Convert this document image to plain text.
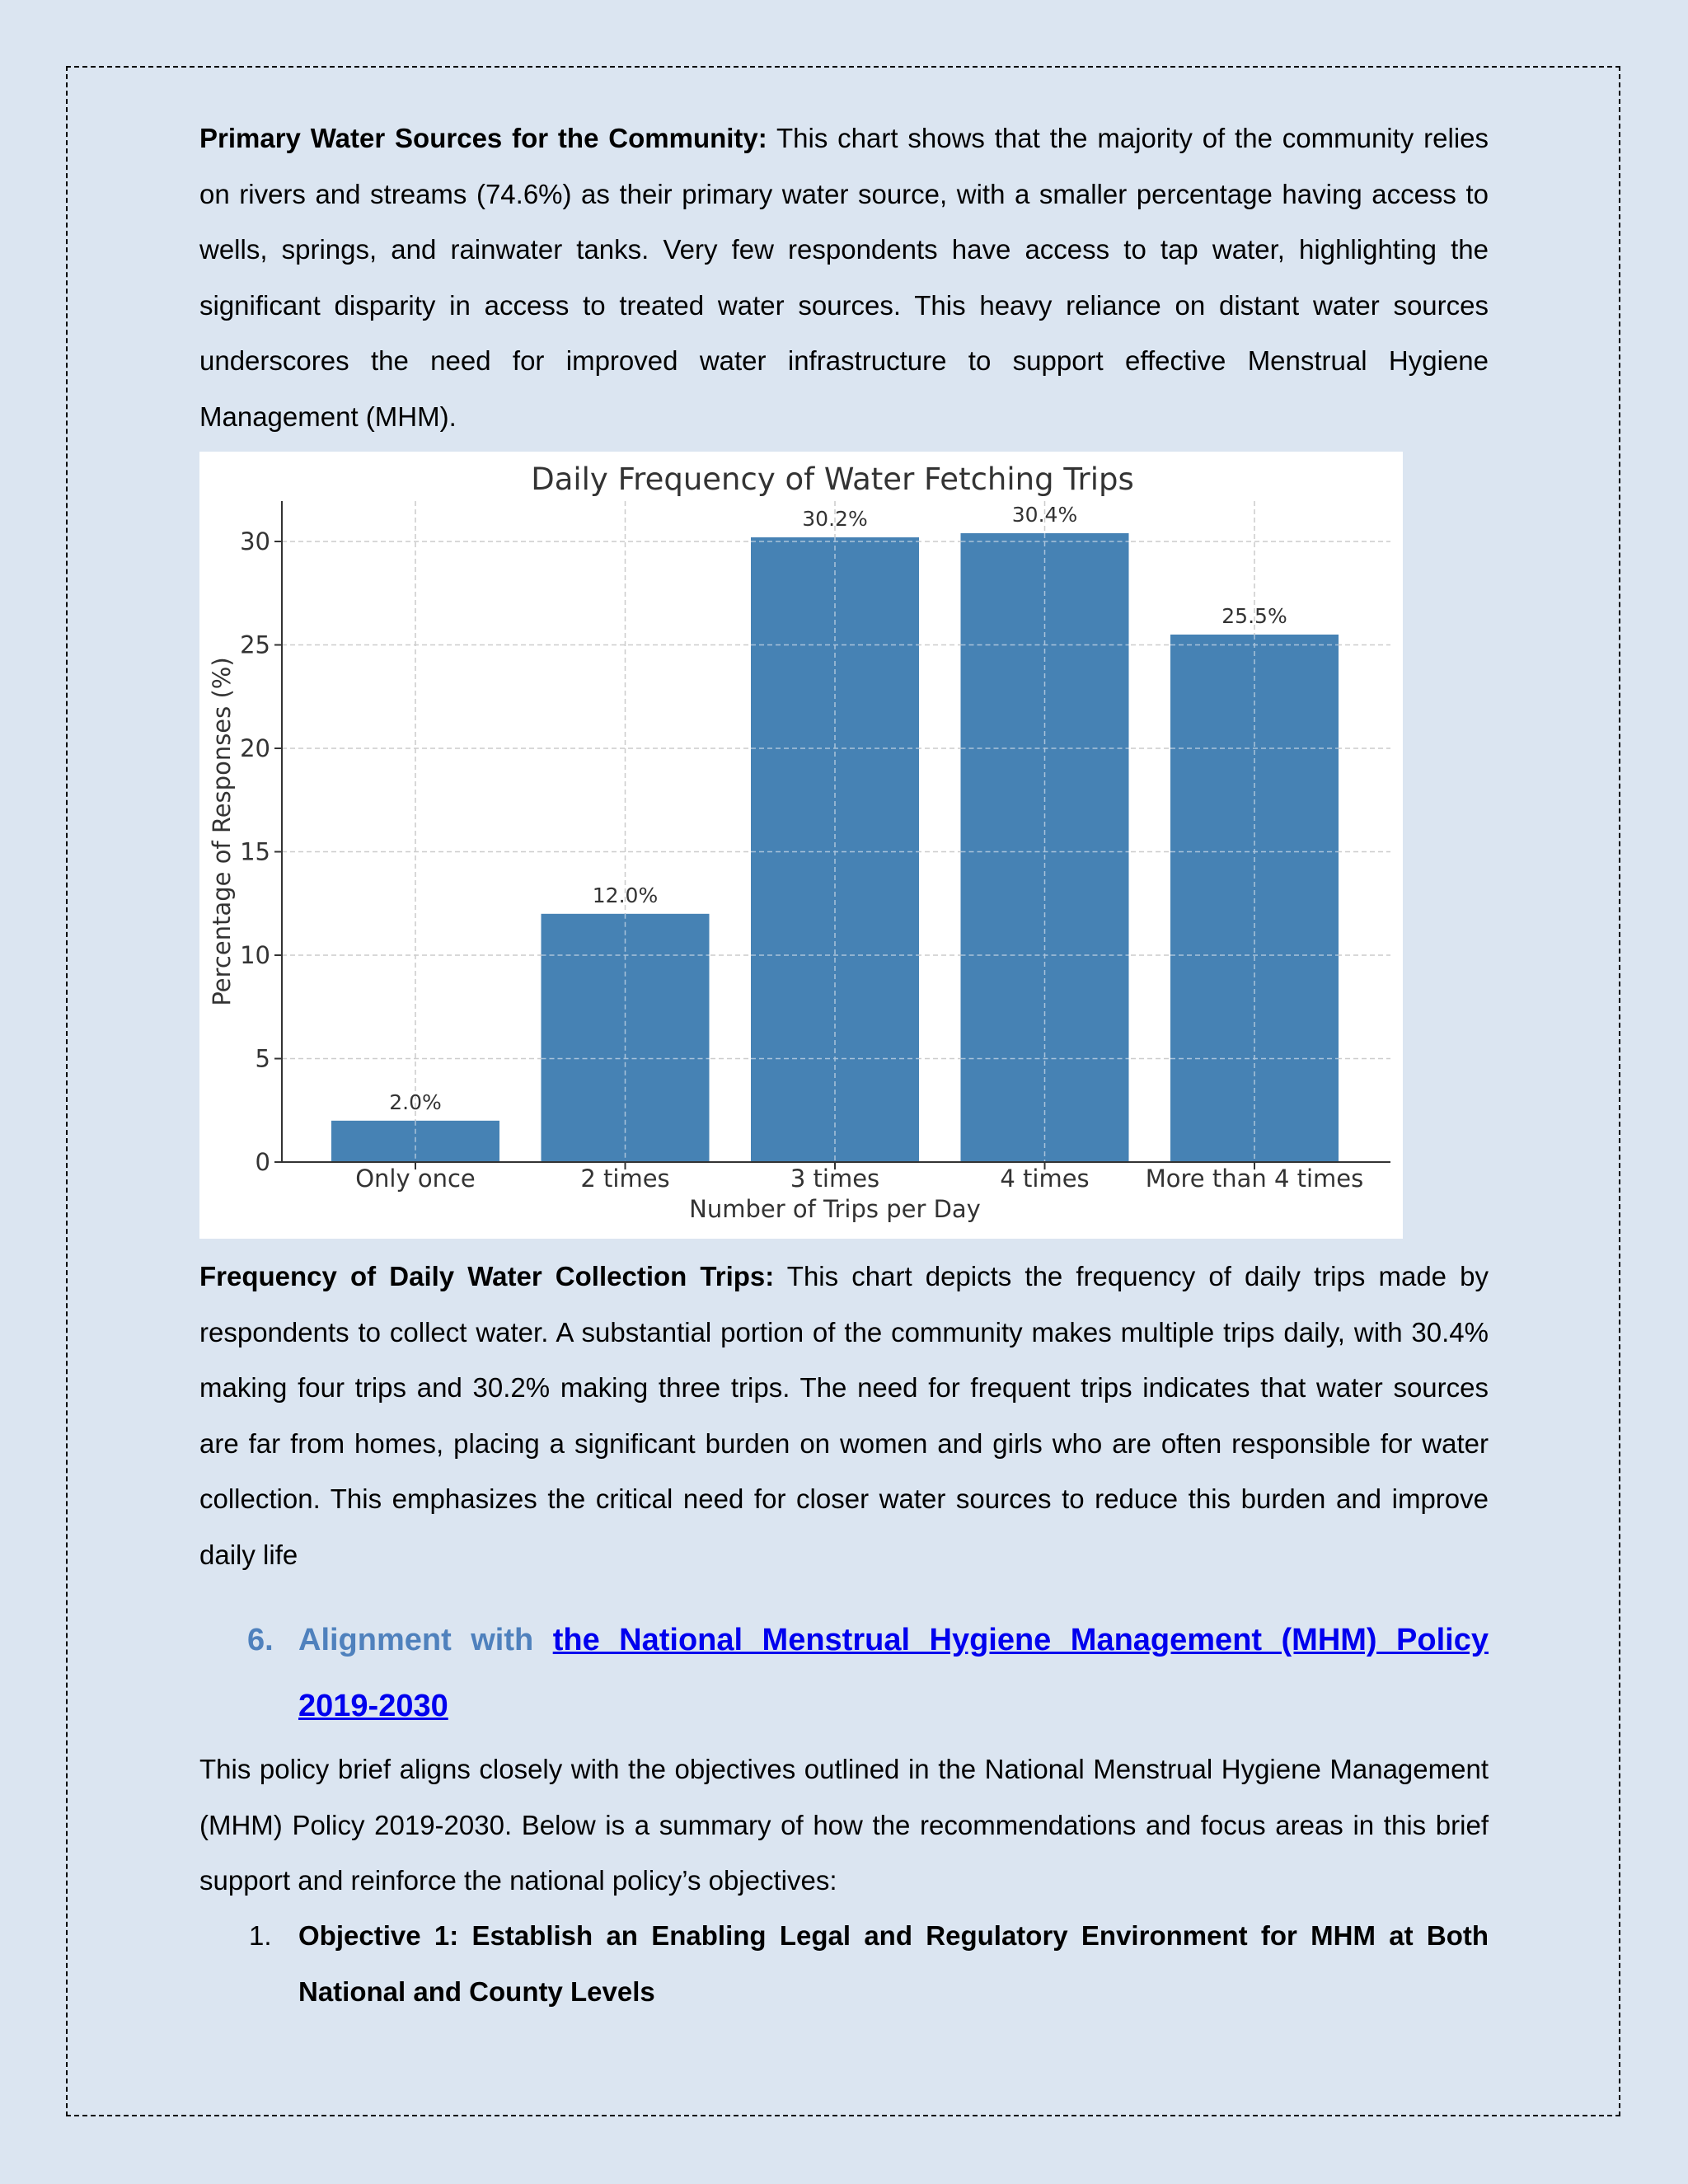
Primary Water Sources for the Community: This chart shows that the majority of the community relies on rivers and streams (74.6%) as their primary water source, with a smaller percentage having access to wells, springs, and rainwater tanks. Very few respondents have access to tap water, highlighting the significant disparity in access to treated water sources. This heavy reliance on distant water sources underscores the need for improved water infrastructure to support effective Menstrual Hygiene Management (MHM).

2.0%
12.0%
30.2%	30.4%
25.5%
0
5
10
15
20
25
30
Only once	2 times	3 times	4 times More than 4 times
Daily Frequency of Water Fetching Trips
Number of Trips per Day
Percentage of Responses (%)

Frequency of Daily Water Collection Trips: This chart depicts the frequency of daily trips made by respondents to collect water. A substantial portion of the community makes multiple trips daily, with 30.4% making four trips and 30.2% making three trips. The need for frequent trips indicates that water sources are far from homes, placing a significant burden on women and girls who are often responsible for water collection. This emphasizes the critical need for closer water sources to reduce this burden and improve daily life

6. Alignment with the National Menstrual Hygiene Management (MHM) Policy 2019-2030

This policy brief aligns closely with the objectives outlined in the National Menstrual Hygiene Management (MHM) Policy 2019-2030. Below is a summary of how the recommendations and focus areas in this brief support and reinforce the national policy’s objectives:

1. Objective 1: Establish an Enabling Legal and Regulatory Environment for MHM at Both National and County Levels
